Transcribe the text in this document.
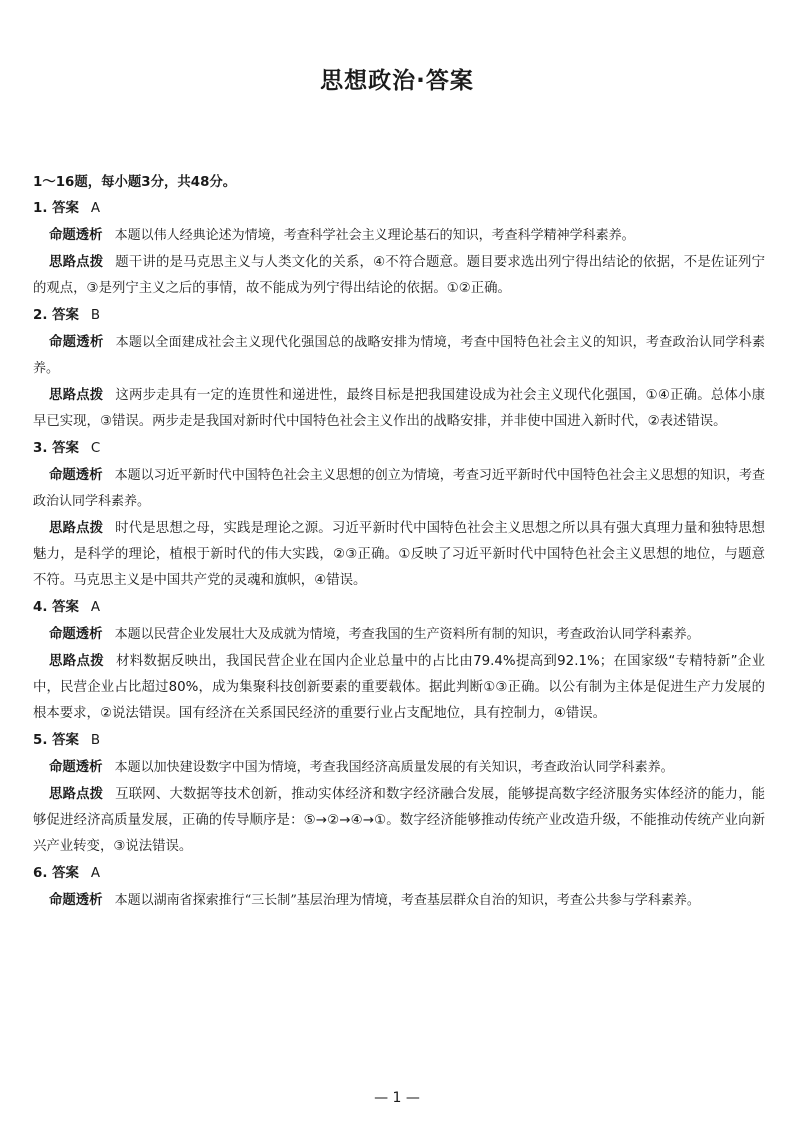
思想政治·答案

1～16题，每小题3分，共48分。

1. 答案 A

命题透析 本题以伟人经典论述为情境，考查科学社会主义理论基石的知识，考查科学精神学科素养。

思路点拨 题干讲的是马克思主义与人类文化的关系，④不符合题意。题目要求选出列宁得出结论的依据，不是佐证列宁的观点，③是列宁主义之后的事情，故不能成为列宁得出结论的依据。①②正确。

2. 答案 B

命题透析 本题以全面建成社会主义现代化强国总的战略安排为情境，考查中国特色社会主义的知识，考查政治认同学科素养。

思路点拨 这两步走具有一定的连贯性和递进性，最终目标是把我国建设成为社会主义现代化强国，①④正确。总体小康早已实现，③错误。两步走是我国对新时代中国特色社会主义作出的战略安排，并非使中国进入新时代，②表述错误。

3. 答案 C

命题透析 本题以习近平新时代中国特色社会主义思想的创立为情境，考查习近平新时代中国特色社会主义思想的知识，考查政治认同学科素养。

思路点拨 时代是思想之母，实践是理论之源。习近平新时代中国特色社会主义思想之所以具有强大真理力量和独特思想魅力，是科学的理论，植根于新时代的伟大实践，②③正确。①反映了习近平新时代中国特色社会主义思想的地位，与题意不符。马克思主义是中国共产党的灵魂和旗帜，④错误。

4. 答案 A

命题透析 本题以民营企业发展壮大及成就为情境，考查我国的生产资料所有制的知识，考查政治认同学科素养。

思路点拨 材料数据反映出，我国民营企业在国内企业总量中的占比由79.4%提高到92.1%；在国家级“专精特新”企业中，民营企业占比超过80%，成为集聚科技创新要素的重要载体。据此判断①③正确。以公有制为主体是促进生产力发展的根本要求，②说法错误。国有经济在关系国民经济的重要行业占支配地位，具有控制力，④错误。

5. 答案 B

命题透析 本题以加快建设数字中国为情境，考查我国经济高质量发展的有关知识，考查政治认同学科素养。

思路点拨 互联网、大数据等技术创新，推动实体经济和数字经济融合发展，能够提高数字经济服务实体经济的能力，能够促进经济高质量发展，正确的传导顺序是：⑤→②→④→①。数字经济能够推动传统产业改造升级，不能推动传统产业向新兴产业转变，③说法错误。

6. 答案 A

命题透析 本题以湖南省探索推行“三长制”基层治理为情境，考查基层群众自治的知识，考查公共参与学科素养。

— 1 —
